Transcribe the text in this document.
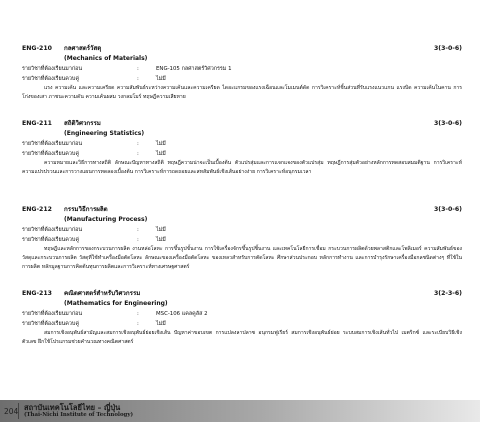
ENG-210 กลศาสตร์วัสดุ	3(3-0-6)
(Mechanics of Materials)
รายวิชาที่ต้องเรียนมาก่อน	:	ENG-105 กลศาสตร์วิศวกรรม 1
รายวิชาที่ต้องเรียนควบคู่	:	ไม่มี

แรง ความเค้น และความเครียด ความสัมพันธ์ระหว่างความเค้นและความเครียด ไดอะแกรมของแรงเฉือนและโมเมนต์ดัด การวิเคราะห์ชิ้นส่วนที่รับแรงแนวแกน แรงบิด ความเค้นในคาน การโก่งของเสา ภาชนะความดัน ความเค้นผสม วงกลมโมร์ ทฤษฎีความเสียหาย

ENG-211 สถิติวิศวกรรม	3(3-0-6)
(Engineering Statistics)
รายวิชาที่ต้องเรียนมาก่อน	:	ไม่มี
รายวิชาที่ต้องเรียนควบคู่	:	ไม่มี

ความหมายและวิธีการทางสถิติ ลักษณะปัญหาทางสถิติ ทฤษฎีความน่าจะเป็นเบื้องต้น ตัวแปรสุ่มและการแจกแจงของตัวแปรสุ่ม ทฤษฎีการสุ่มตัวอย่างหลักการทดสอบสมมติฐาน การวิเคราะห์ความแปรปรวนและการวางแผนการทดลองเบื้องต้น การวิเคราะห์การถดถอยและสหสัมพันธ์เชิงเส้นอย่างง่าย การวิเคราะห์อนุกรมเวลา

ENG-212 กรรมวิธีการผลิต	3(3-0-6)
(Manufacturing Process)
รายวิชาที่ต้องเรียนมาก่อน	:	ไม่มี
รายวิชาที่ต้องเรียนควบคู่	:	ไม่มี

ทฤษฎีและหลักการของกระบวนการผลิต งานหล่อโลหะ การขึ้นรูปขั้นงาน การใช้เครื่องจักรขึ้นรูปชิ้นงาน และเทคโนโลยีการเชื่อม กระบวนการผลิตด้วยพลาสติกและโพลิเมอร์ ความสัมพันธ์ของวัสดุและกระบวนการผลิต วัสดุที่ใช้ทำเครื่องมือตัดโลหะ ลักษณะของเครื่องมือตัดโลหะ ของเหลวสำหรับการตัดโลหะ ศึกษาส่วนประกอบ หลักการทำงาน และการบำรุงรักษาเครื่องมือกลชนิดต่างๆ ที่ใช้ในการผลิต หลักมูลฐานการคิดต้นทุนการผลิตและการวิเคราะห์ทางเศรษฐศาสตร์

ENG-213 คณิตศาสตร์สำหรับวิศวกรรม	3(2-3-6)
(Mathematics for Engineering)
รายวิชาที่ต้องเรียนมาก่อน	:	MSC-106 แคลคูลัส 2
รายวิชาที่ต้องเรียนควบคู่	:	ไม่มี

สมการเชิงอนุพันธ์สามัญและสมการเชิงอนุพันธ์ย่อยเชิงเส้น ปัญหาค่าขอบเขต การแปลงลาปลาซ อนุกรมฟูเรียร์ สมการเชิงอนุพันธ์ย่อย ระบบสมการเชิงเส้นทั่วไป เมตริกซ์ และระเบียบวิธีเชิงตัวเลข ฝึกใช้โปรแกรมช่วยคำนวณทางคณิตศาสตร์

204 สถาบันเทคโนโลยีไทย – ญี่ปุ่น
(Thai-Nichi Institute of Technology)
